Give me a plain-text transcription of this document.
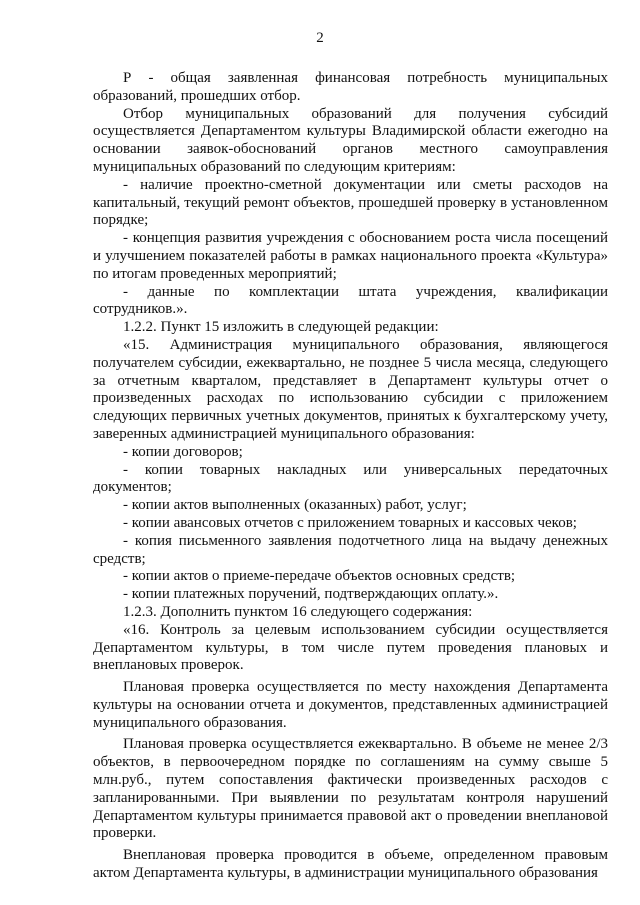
2

Р - общая заявленная финансовая потребность муниципальных образований, прошедших отбор.

Отбор муниципальных образований для получения субсидий осуществляется Департаментом культуры Владимирской области ежегодно на основании заявок-обоснований органов местного самоуправления муниципальных образований по следующим критериям:

- наличие проектно-сметной документации или сметы расходов на капитальный, текущий ремонт объектов, прошедшей проверку в установленном порядке;

- концепция развития учреждения с обоснованием роста числа посещений и улучшением показателей работы в рамках национального проекта «Культура» по итогам проведенных мероприятий;

- данные по комплектации штата учреждения, квалификации сотрудников.».

1.2.2. Пункт 15 изложить в следующей редакции:

«15. Администрация муниципального образования, являющегося получателем субсидии, ежеквартально, не позднее 5 числа месяца, следующего за отчетным кварталом, представляет в Департамент культуры отчет о произведенных расходах по использованию субсидии с приложением следующих первичных учетных документов, принятых к бухгалтерскому учету, заверенных администрацией муниципального образования:

- копии договоров;

- копии товарных накладных или универсальных передаточных документов;

- копии актов выполненных (оказанных) работ, услуг;

- копии авансовых отчетов с приложением товарных и кассовых чеков;

- копия письменного заявления подотчетного лица на выдачу денежных средств;

- копии актов о приеме-передаче объектов основных средств;

- копии платежных поручений, подтверждающих оплату.».

1.2.3. Дополнить пунктом 16 следующего содержания:

«16. Контроль за целевым использованием субсидии осуществляется Департаментом культуры, в том числе путем проведения плановых и внеплановых проверок.

Плановая проверка осуществляется по месту нахождения Департамента культуры на основании отчета и документов, представленных администрацией муниципального образования.

Плановая проверка осуществляется ежеквартально. В объеме не менее 2/3 объектов, в первоочередном порядке по соглашениям на сумму свыше 5 млн.руб., путем сопоставления фактически произведенных расходов с запланированными. При выявлении по результатам контроля нарушений Департаментом культуры принимается правовой акт о проведении внеплановой проверки.

Внеплановая проверка проводится в объеме, определенном правовым актом Департамента культуры, в администрации муниципального образования
